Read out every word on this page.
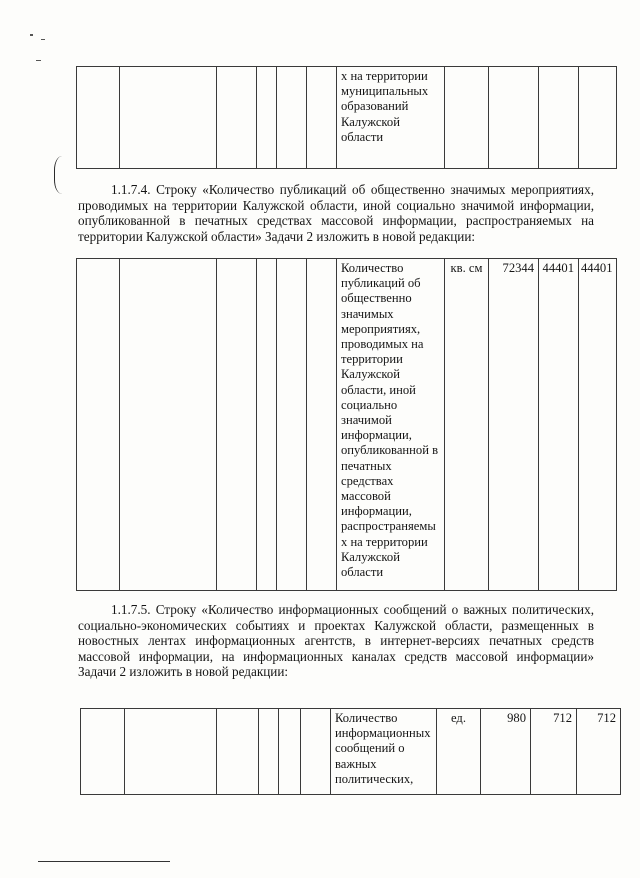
						х на территории муниципальных образований Калужской области				

1.1.7.4. Строку «Количество публикаций об общественно значимых мероприятиях, проводимых на территории Калужской области, иной социально значимой информации, опубликованной в печатных средствах массовой информации, распространяемых на территории Калужской области» Задачи 2 изложить в новой редакции:

						Количество публикаций об общественно значимых мероприятиях, проводимых на территории Калужской области, иной социально значимой информации, опубликованной в печатных средствах массовой информации, распространяемы х на территории Калужской области	кв. см	72344	44401	44401

1.1.7.5. Строку «Количество информационных сообщений о важных политических, социально-экономических событиях и проектах Калужской области, размещенных в новостных лентах информационных агентств, в интернет-версиях печатных средств массовой информации, на информационных каналах средств массовой информации» Задачи 2 изложить в новой редакции:

						Количество информационных сообщений о важных политических,	ед.	980	712	712
